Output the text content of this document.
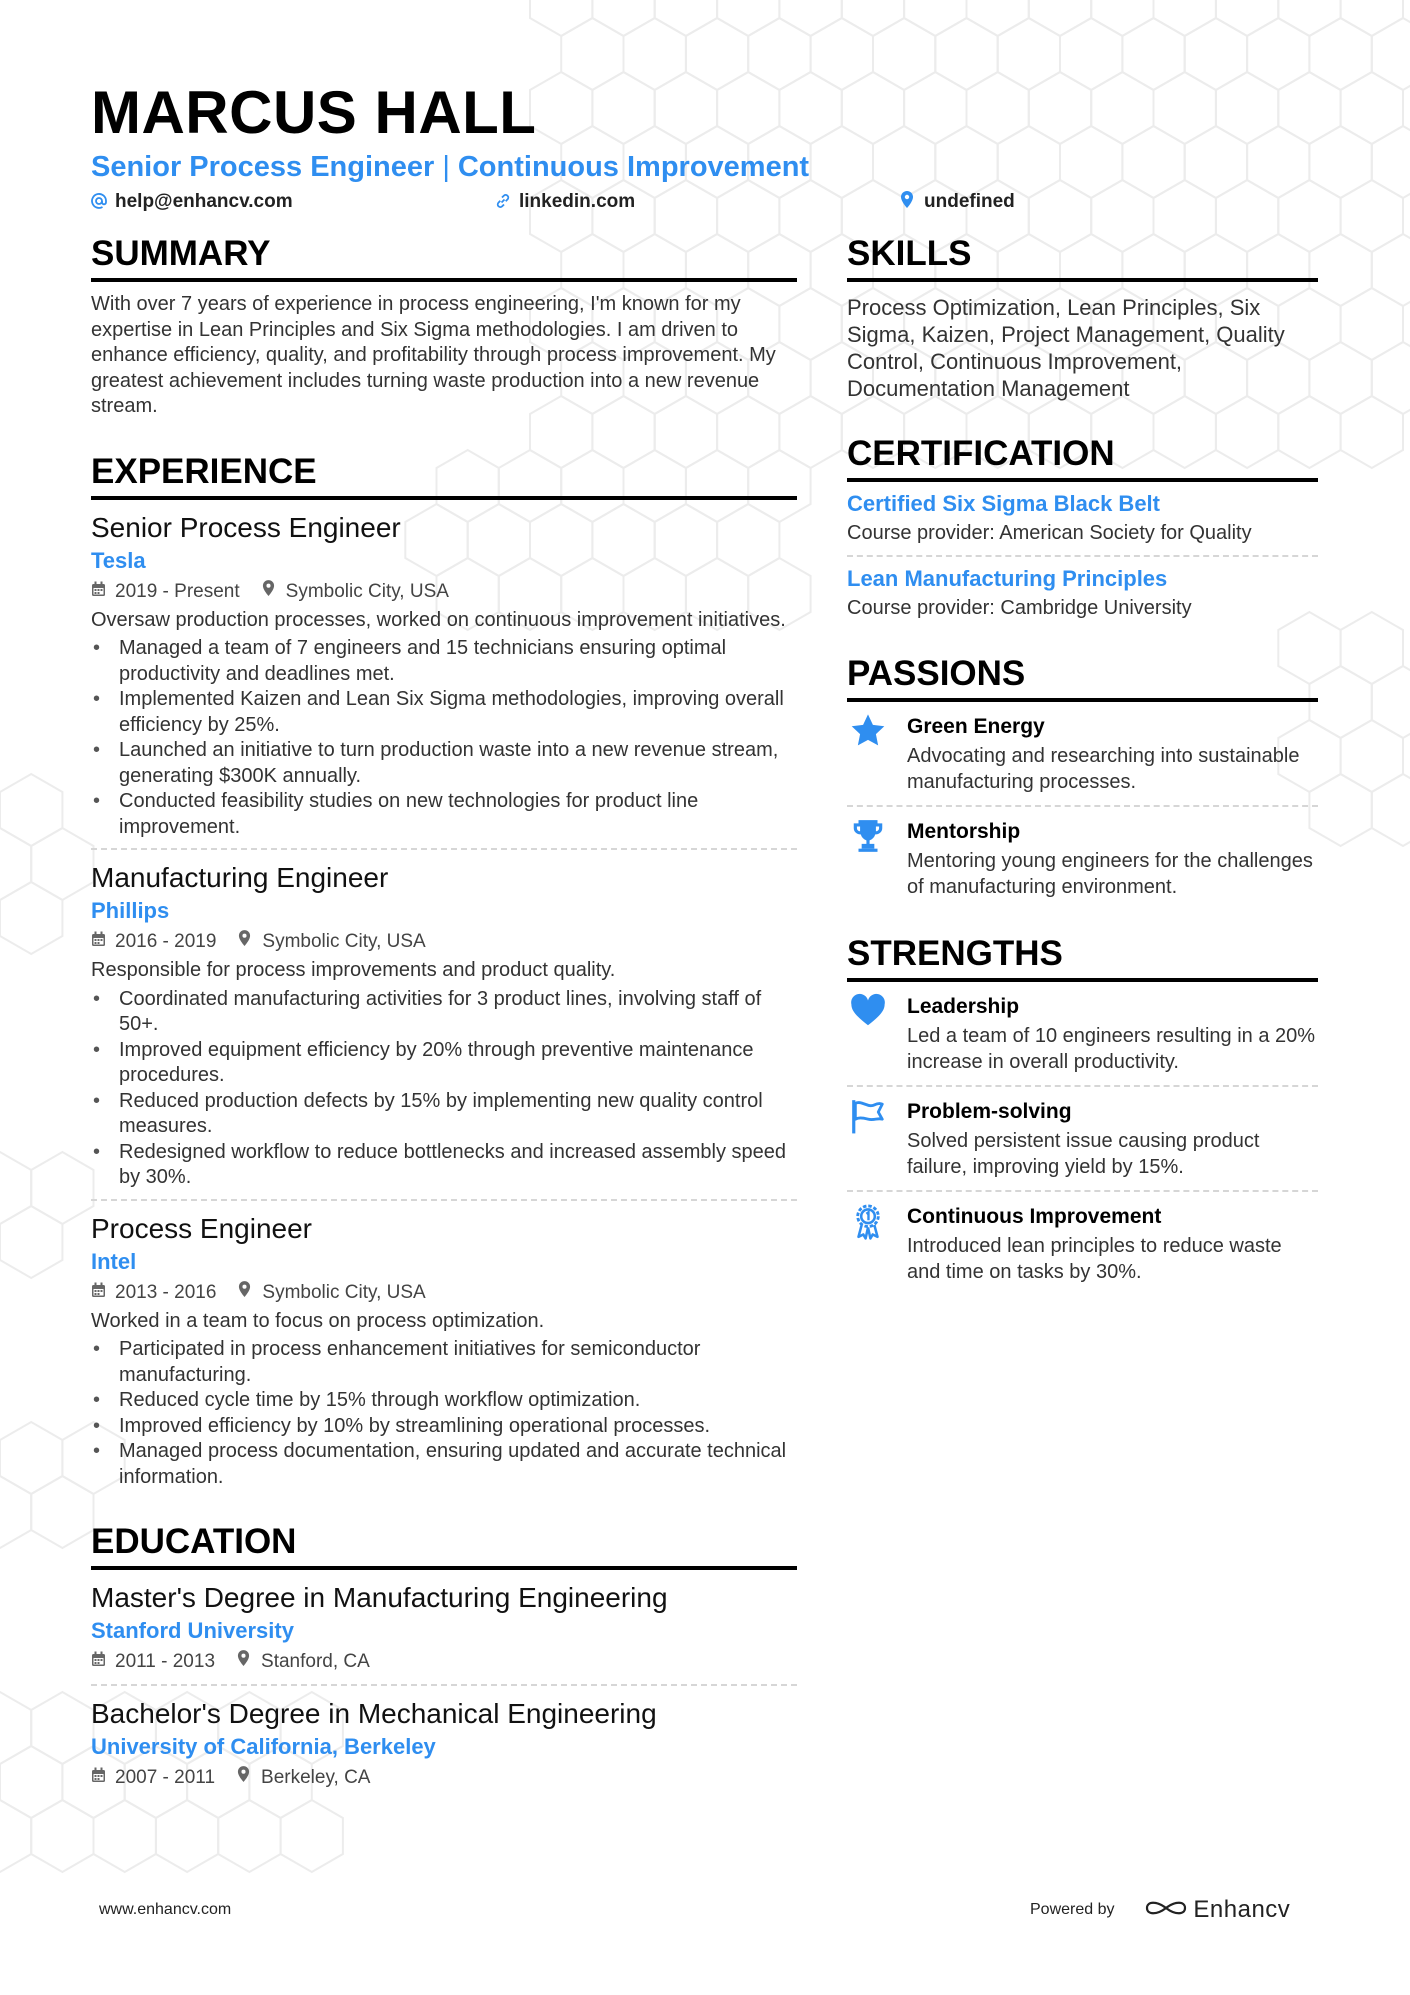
MARCUS HALL
Senior Process Engineer | Continuous Improvement
help@enhancv.com	linkedin.com	undefined
SUMMARY
With over 7 years of experience in process engineering, I'm known for my expertise in Lean Principles and Six Sigma methodologies. I am driven to enhance efficiency, quality, and profitability through process improvement. My greatest achievement includes turning waste production into a new revenue stream.
EXPERIENCE
Senior Process Engineer
Tesla
2019 - Present Symbolic City, USA
Oversaw production processes, worked on continuous improvement initiatives.
• Managed a team of 7 engineers and 15 technicians ensuring optimal productivity and deadlines met.
• Implemented Kaizen and Lean Six Sigma methodologies, improving overall efficiency by 25%.
• Launched an initiative to turn production waste into a new revenue stream, generating $300K annually.
• Conducted feasibility studies on new technologies for product line improvement.
Manufacturing Engineer
Phillips
2016 - 2019 Symbolic City, USA
Responsible for process improvements and product quality.
• Coordinated manufacturing activities for 3 product lines, involving staff of 50+.
• Improved equipment efficiency by 20% through preventive maintenance procedures.
• Reduced production defects by 15% by implementing new quality control measures.
• Redesigned workflow to reduce bottlenecks and increased assembly speed by 30%.
Process Engineer
Intel
2013 - 2016 Symbolic City, USA
Worked in a team to focus on process optimization.
• Participated in process enhancement initiatives for semiconductor manufacturing.
• Reduced cycle time by 15% through workflow optimization.
• Improved efficiency by 10% by streamlining operational processes.
• Managed process documentation, ensuring updated and accurate technical information.
EDUCATION
Master's Degree in Manufacturing Engineering
Stanford University
2011 - 2013 Stanford, CA
Bachelor's Degree in Mechanical Engineering
University of California, Berkeley
2007 - 2011 Berkeley, CA
SKILLS
Process Optimization, Lean Principles, Six Sigma, Kaizen, Project Management, Quality Control, Continuous Improvement, Documentation Management
CERTIFICATION
Certified Six Sigma Black Belt
Course provider: American Society for Quality
Lean Manufacturing Principles
Course provider: Cambridge University
PASSIONS
Green Energy
Advocating and researching into sustainable manufacturing processes.
Mentorship
Mentoring young engineers for the challenges of manufacturing environment.
STRENGTHS
Leadership
Led a team of 10 engineers resulting in a 20% increase in overall productivity.
Problem-solving
Solved persistent issue causing product failure, improving yield by 15%.
Continuous Improvement
Introduced lean principles to reduce waste and time on tasks by 30%.
www.enhancv.com	Powered by	Enhancv
